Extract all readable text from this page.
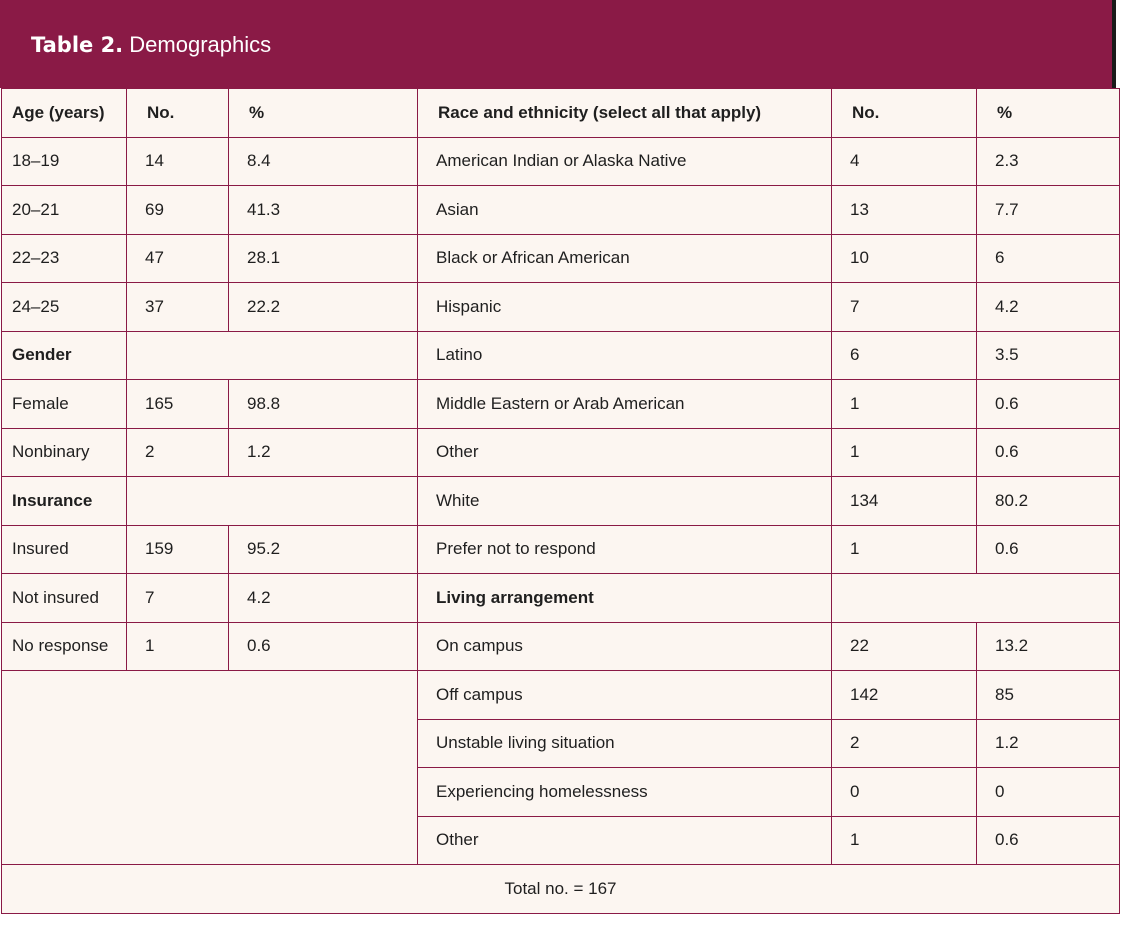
Table 2. Demographics
Age (years)	No.	%	Race and ethnicity (select all that apply)	No.	%
18–19	14	8.4	American Indian or Alaska Native	4	2.3
20–21	69	41.3	Asian	13	7.7
22–23	47	28.1	Black or African American	10	6
24–25	37	22.2	Hispanic	7	4.2
Gender			Latino	6	3.5
Female	165	98.8	Middle Eastern or Arab American	1	0.6
Nonbinary	2	1.2	Other	1	0.6
Insurance			White	134	80.2
Insured	159	95.2	Prefer not to respond	1	0.6
Not insured	7	4.2	Living arrangement		
No response	1	0.6	On campus	22	13.2
			Off campus	142	85
			Unstable living situation	2	1.2
			Experiencing homelessness	0	0
			Other	1	0.6
Total no. = 167					
